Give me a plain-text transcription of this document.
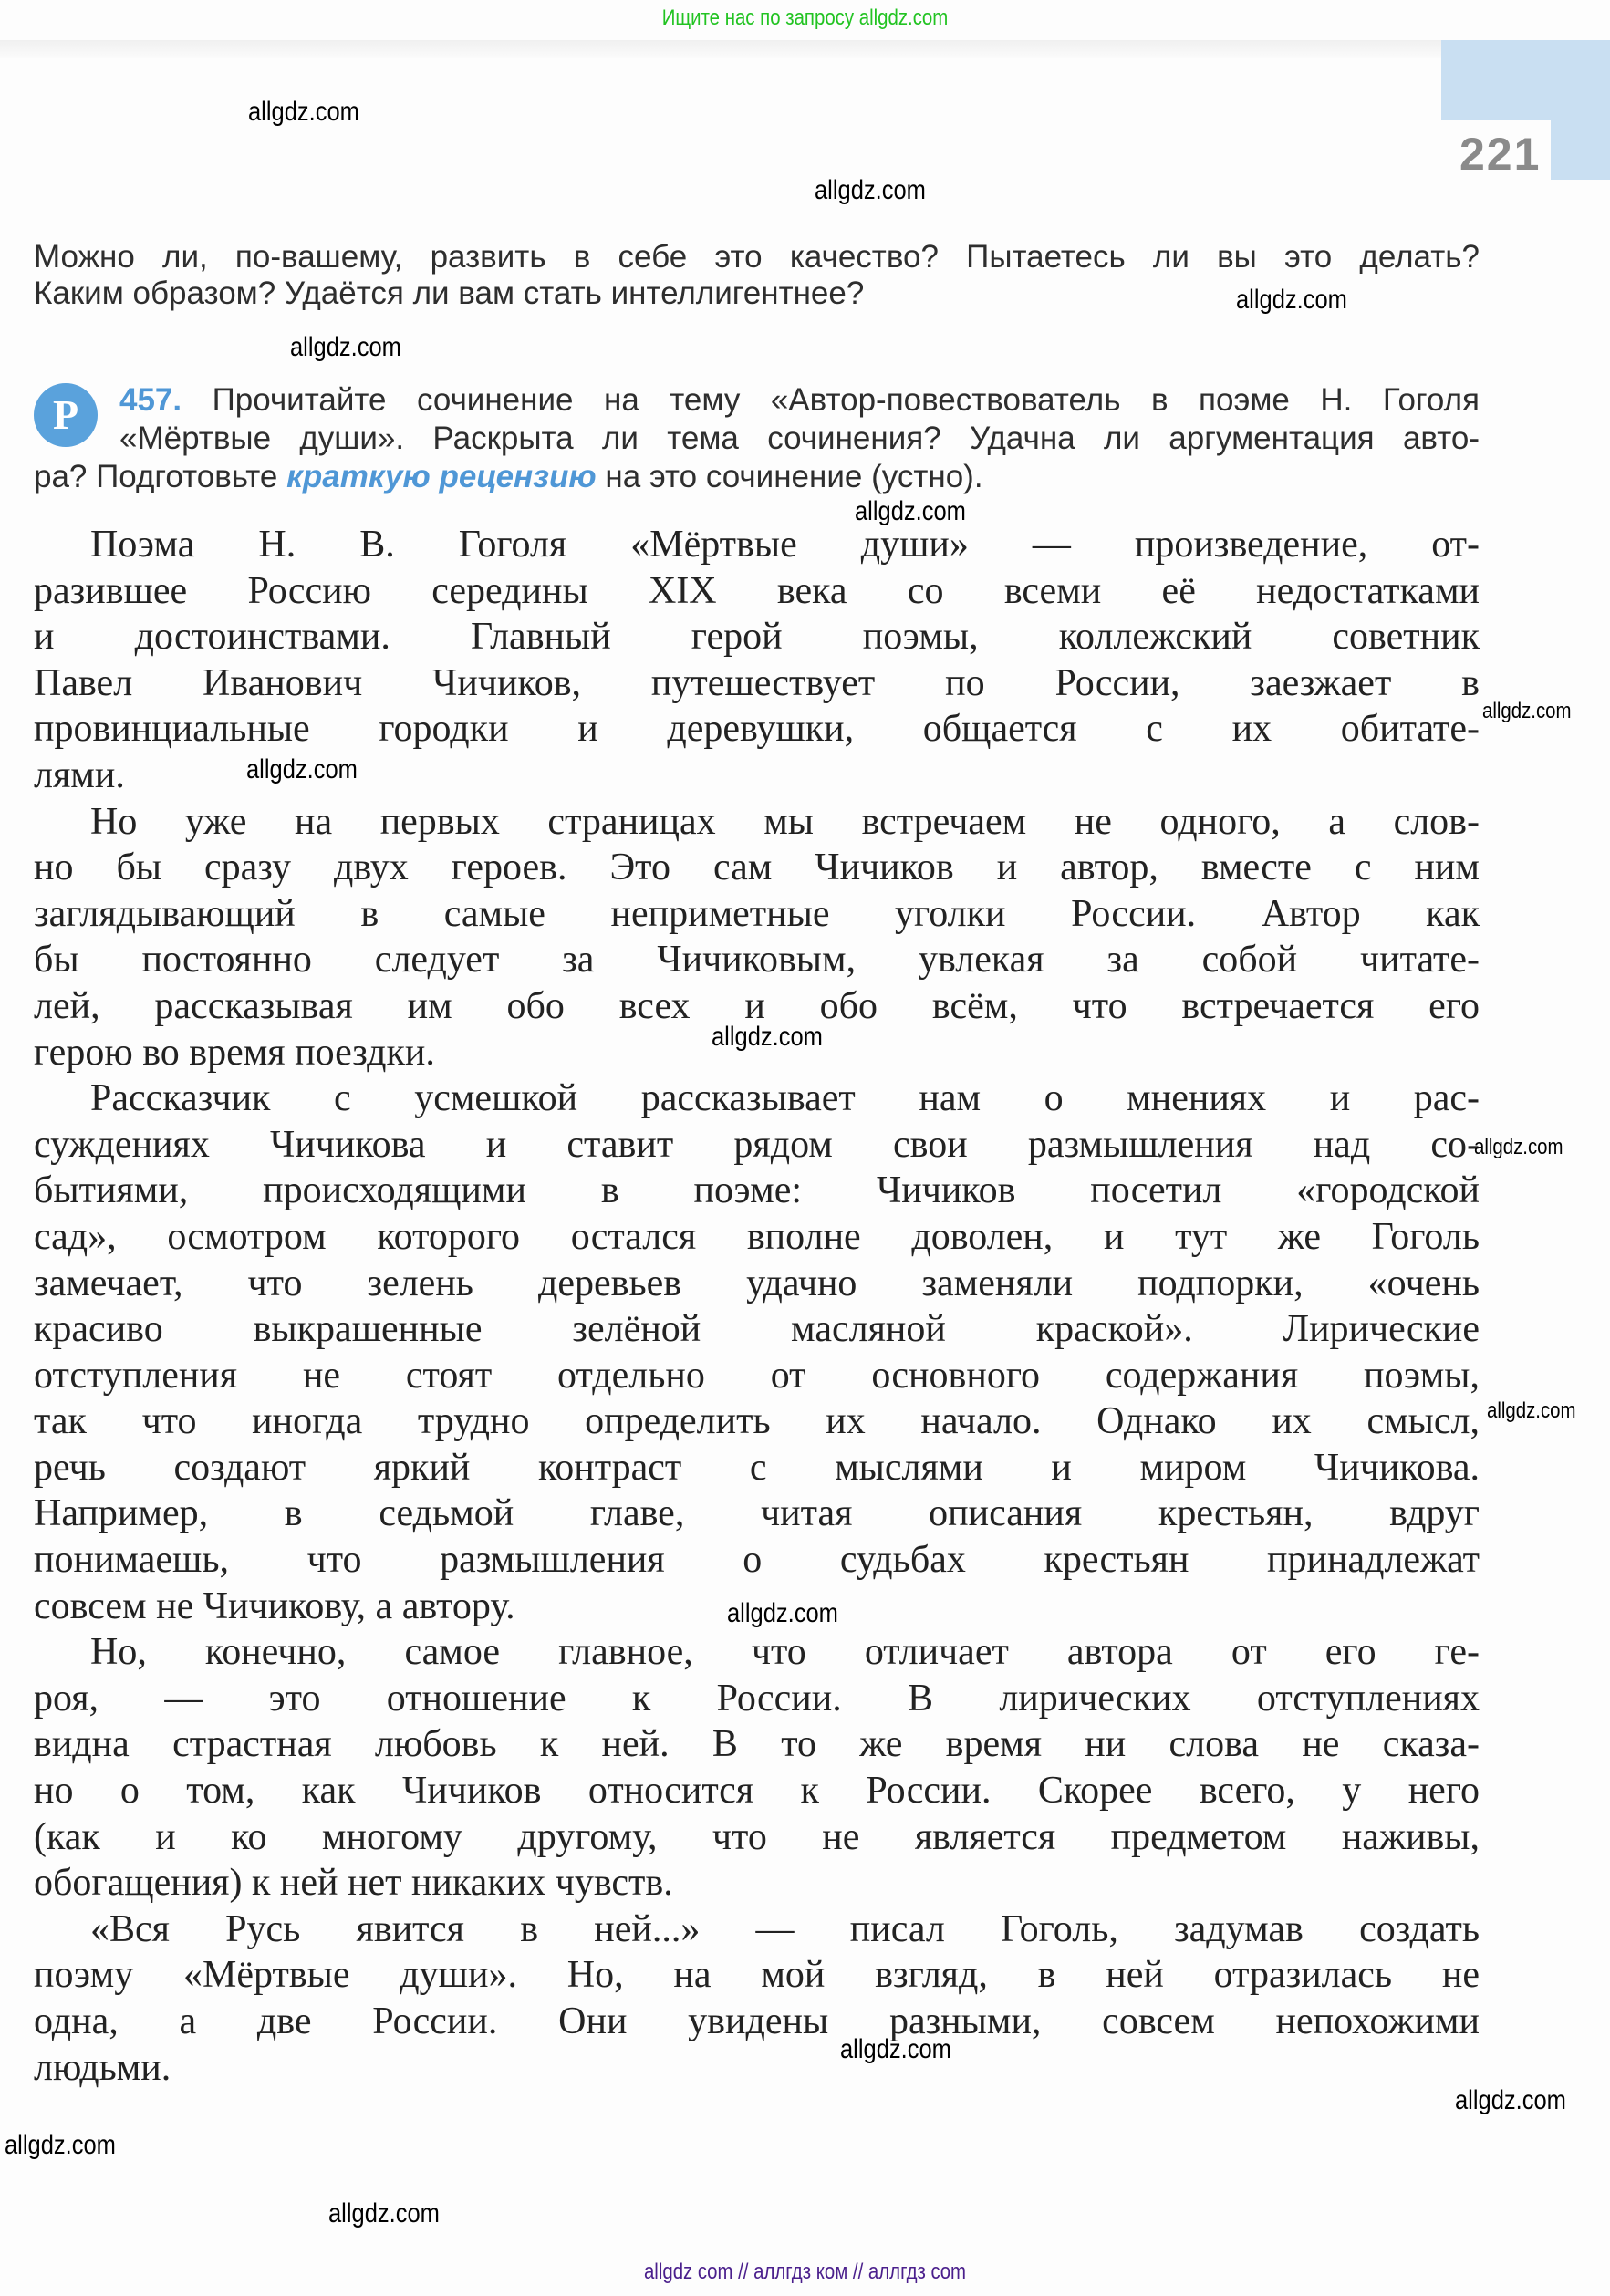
Ищите нас по запросу allgdz.com
221
Можно ли, по-вашему, развить в себе это качество? Пытаетесь ли вы это делать?
Каким образом? Удаётся ли вам стать интеллигентнее?
Р	457. Прочитайте сочинение на тему «Автор-повествователь в поэме Н. Гоголя
«Мёртвые души». Раскрыта ли тема сочинения? Удачна ли аргументация авто-
ра? Подготовьте краткую рецензию на это сочинение (устно).
Поэма Н. В. Гоголя «Мёртвые души» — произведение, от-
разившее Россию середины XIX века со всеми её недостатками
и достоинствами. Главный герой поэмы, коллежский советник
Павел Иванович Чичиков, путешествует по России, заезжает в
провинциальные городки и деревушки, общается с их обитате-
лями.
Но уже на первых страницах мы встречаем не одного, а слов-
но бы сразу двух героев. Это сам Чичиков и автор, вместе с ним
заглядывающий в самые неприметные уголки России. Автор как
бы постоянно следует за Чичиковым, увлекая за собой читате-
лей, рассказывая им обо всех и обо всём, что встречается его
герою во время поездки.
Рассказчик с усмешкой рассказывает нам о мнениях и рас-
суждениях Чичикова и ставит рядом свои размышления над со-
бытиями, происходящими в поэме: Чичиков посетил «городской
сад», осмотром которого остался вполне доволен, и тут же Гоголь
замечает, что зелень деревьев удачно заменяли подпорки, «очень
красиво выкрашенные зелёной масляной краской». Лирические
отступления не стоят отдельно от основного содержания поэмы,
так что иногда трудно определить их начало. Однако их смысл,
речь создают яркий контраст с мыслями и миром Чичикова.
Например, в седьмой главе, читая описания крестьян, вдруг
понимаешь, что размышления о судьбах крестьян принадлежат
совсем не Чичикову, а автору.
Но, конечно, самое главное, что отличает автора от его ге-
роя, — это отношение к России. В лирических отступлениях
видна страстная любовь к ней. В то же время ни слова не сказа-
но о том, как Чичиков относится к России. Скорее всего, у него
(как и ко многому другому, что не является предметом наживы,
обогащения) к ней нет никаких чувств.
«Вся Русь явится в ней...» — писал Гоголь, задумав создать
поэму «Мёртвые души». Но, на мой взгляд, в ней отразилась не
одна, а две России. Они увидены разными, совсем непохожими
людьми.
allgdz.com
allgdz.com
allgdz.com
allgdz.com
allgdz.com
allgdz.com
allgdz.com
allgdz.com
allgdz.com
allgdz.com
allgdz.com
allgdz.com
allgdz.com
allgdz.com
allgdz.com
allgdz com // аллгдз ком // аллгдз com
